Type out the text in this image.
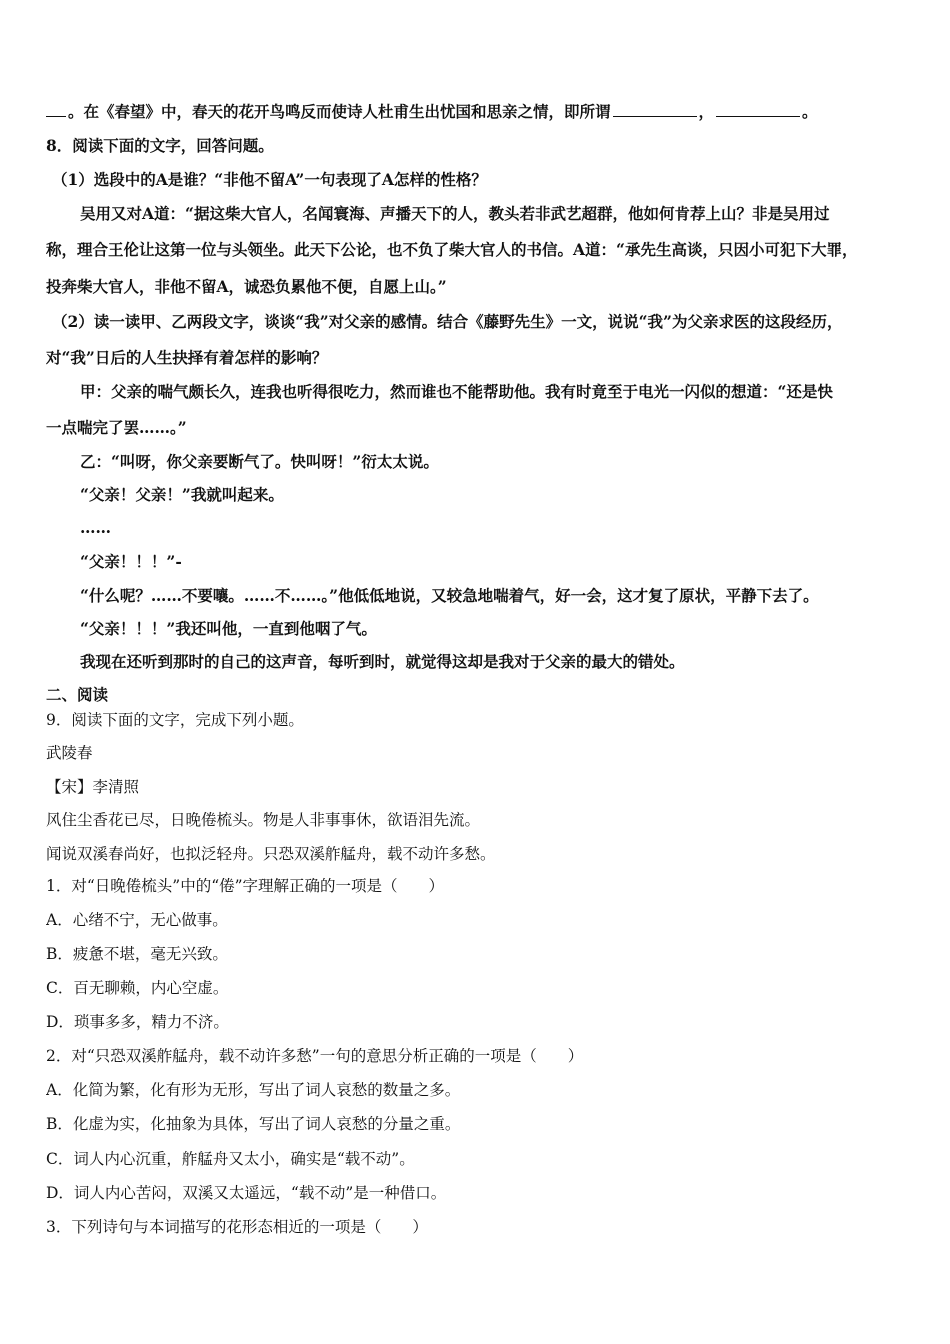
。在《春望》中，春天的花开鸟鸣反而使诗人杜甫生出忧国和思亲之情，即所谓	，	。
8．阅读下面的文字，回答问题。
（1）选段中的A是谁？“非他不留A”一句表现了A怎样的性格？
吴用又对A道：“据这柴大官人，名闻寰海、声播天下的人，教头若非武艺超群，他如何肯荐上山？非是吴用过
称，理合王伦让这第一位与头领坐。此天下公论，也不负了柴大官人的书信。A道：“承先生高谈，只因小可犯下大罪，
投奔柴大官人，非他不留A，诚恐负累他不便，自愿上山。”
（2）读一读甲、乙两段文字，谈谈“我”对父亲的感情。结合《藤野先生》一文，说说“我”为父亲求医的这段经历，
对“我”日后的人生抉择有着怎样的影响？
甲：父亲的喘气颇长久，连我也听得很吃力，然而谁也不能帮助他。我有时竟至于电光一闪似的想道：“还是快
一点喘完了罢……。”
乙：“叫呀，你父亲要断气了。快叫呀！”衍太太说。
“父亲！父亲！”我就叫起来。
……
“父亲！！！”-
“什么呢？……不要嚷。……不……。”他低低地说，又较急地喘着气，好一会，这才复了原状，平静下去了。
“父亲！！！”我还叫他，一直到他咽了气。
我现在还听到那时的自己的这声音，每听到时，就觉得这却是我对于父亲的最大的错处。
二、阅读
9．阅读下面的文字，完成下列小题。
武陵春
【宋】李清照
风住尘香花已尽，日晚倦梳头。物是人非事事休，欲语泪先流。
闻说双溪春尚好，也拟泛轻舟。只恐双溪舴艋舟，载不动许多愁。
1．对“日晚倦梳头”中的“倦”字理解正确的一项是（　　）
A．心绪不宁，无心做事。
B．疲惫不堪，毫无兴致。
C．百无聊赖，内心空虚。
D．琐事多多，精力不济。
2．对“只恐双溪舴艋舟，载不动许多愁”一句的意思分析正确的一项是（　　）
A．化简为繁，化有形为无形，写出了词人哀愁的数量之多。
B．化虚为实，化抽象为具体，写出了词人哀愁的分量之重。
C．词人内心沉重，舴艋舟又太小，确实是“载不动”。
D．词人内心苦闷，双溪又太遥远，“载不动”是一种借口。
3．下列诗句与本词描写的花形态相近的一项是（　　）
